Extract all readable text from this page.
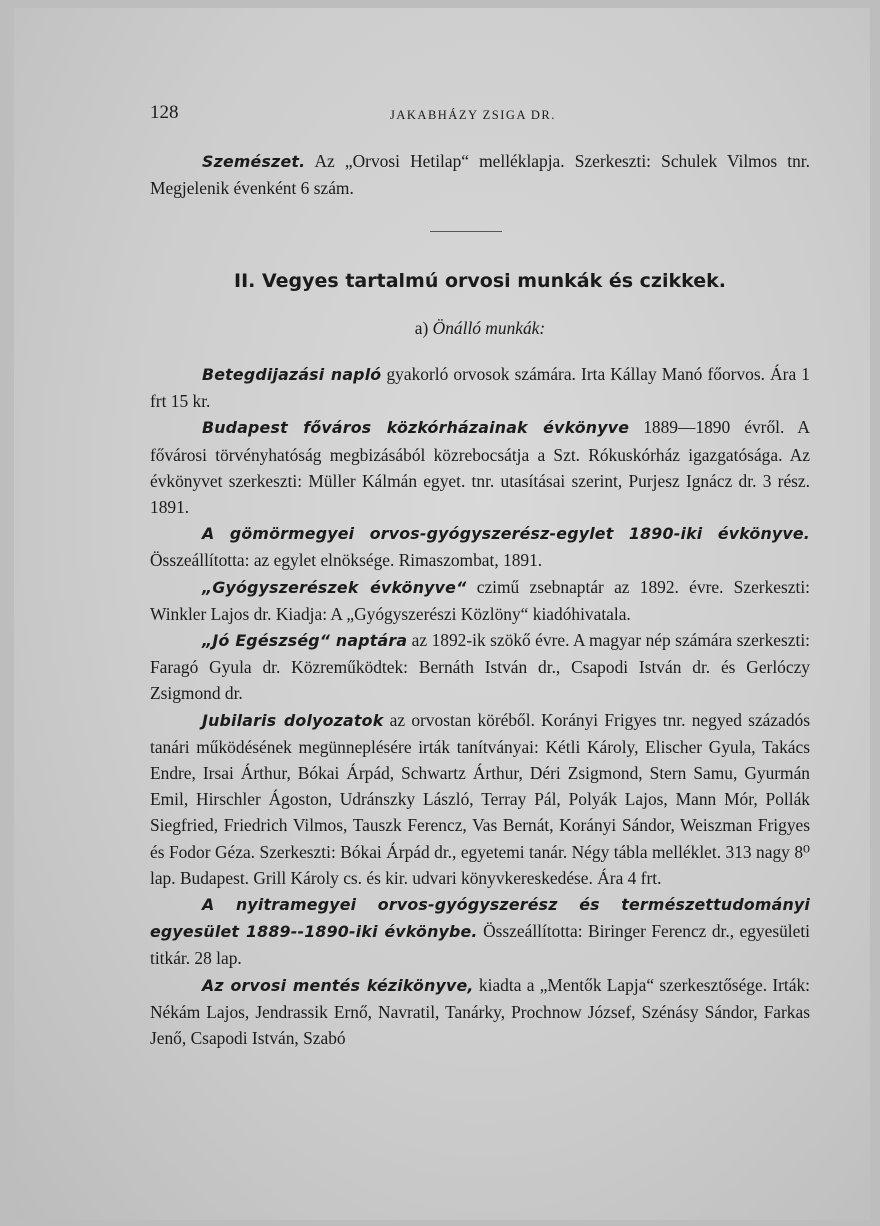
128	JAKABHÁZY ZSIGA DR.

Szemészet. Az „Orvosi Hetilap“ melléklapja. Szerkeszti: Schulek Vilmos tnr. Megjelenik évenként 6 szám.

II. Vegyes tartalmú orvosi munkák és czikkek.

a) Önálló munkák:

Betegdijazási napló gyakorló orvosok számára. Irta Kállay Manó főorvos. Ára 1 frt 15 kr.

Budapest főváros közkórházainak évkönyve 1889—1890 évről. A fővárosi törvényhatóság megbizásából közrebocsátja a Szt. Rókuskórház igazgatósága. Az évkönyvet szerkeszti: Müller Kálmán egyet. tnr. utasításai szerint, Purjesz Ignácz dr. 3 rész. 1891.

A gömörmegyei orvos-gyógyszerész-egylet 1890-iki évkönyve. Összeállította: az egylet elnöksége. Rimaszombat, 1891.

„Gyógyszerészek évkönyve“ czimű zsebnaptár az 1892. évre. Szerkeszti: Winkler Lajos dr. Kiadja: A „Gyógyszerészi Közlöny“ kiadóhivatala.

„Jó Egészség“ naptára az 1892-ik szökő évre. A magyar nép számára szerkeszti: Faragó Gyula dr. Közreműködtek: Bernáth István dr., Csapodi István dr. és Gerlóczy Zsigmond dr.

Jubilaris dolyozatok az orvostan köréből. Korányi Frigyes tnr. negyed századós tanári működésének megünneplésére irták tanítványai: Kétli Károly, Elischer Gyula, Takács Endre, Irsai Árthur, Bókai Árpád, Schwartz Árthur, Déri Zsigmond, Stern Samu, Gyurmán Emil, Hirschler Ágoston, Udránszky László, Terray Pál, Polyák Lajos, Mann Mór, Pollák Siegfried, Friedrich Vilmos, Tauszk Ferencz, Vas Bernát, Korányi Sándor, Weiszman Frigyes és Fodor Géza. Szerkeszti: Bókai Árpád dr., egyetemi tanár. Négy tábla melléklet. 313 nagy 8⁰ lap. Budapest. Grill Károly cs. és kir. udvari könyvkereskedése. Ára 4 frt.

A nyitramegyei orvos-gyógyszerész és természettudományi egyesület 1889--1890-iki évkönybe. Összeállította: Biringer Ferencz dr., egyesületi titkár. 28 lap.

Az orvosi mentés kézikönyve, kiadta a „Mentők Lapja“ szerkesztősége. Irták: Nékám Lajos, Jendrassik Ernő, Navratil, Tanárky, Prochnow József, Szénásy Sándor, Farkas Jenő, Csapodi István, Szabó
